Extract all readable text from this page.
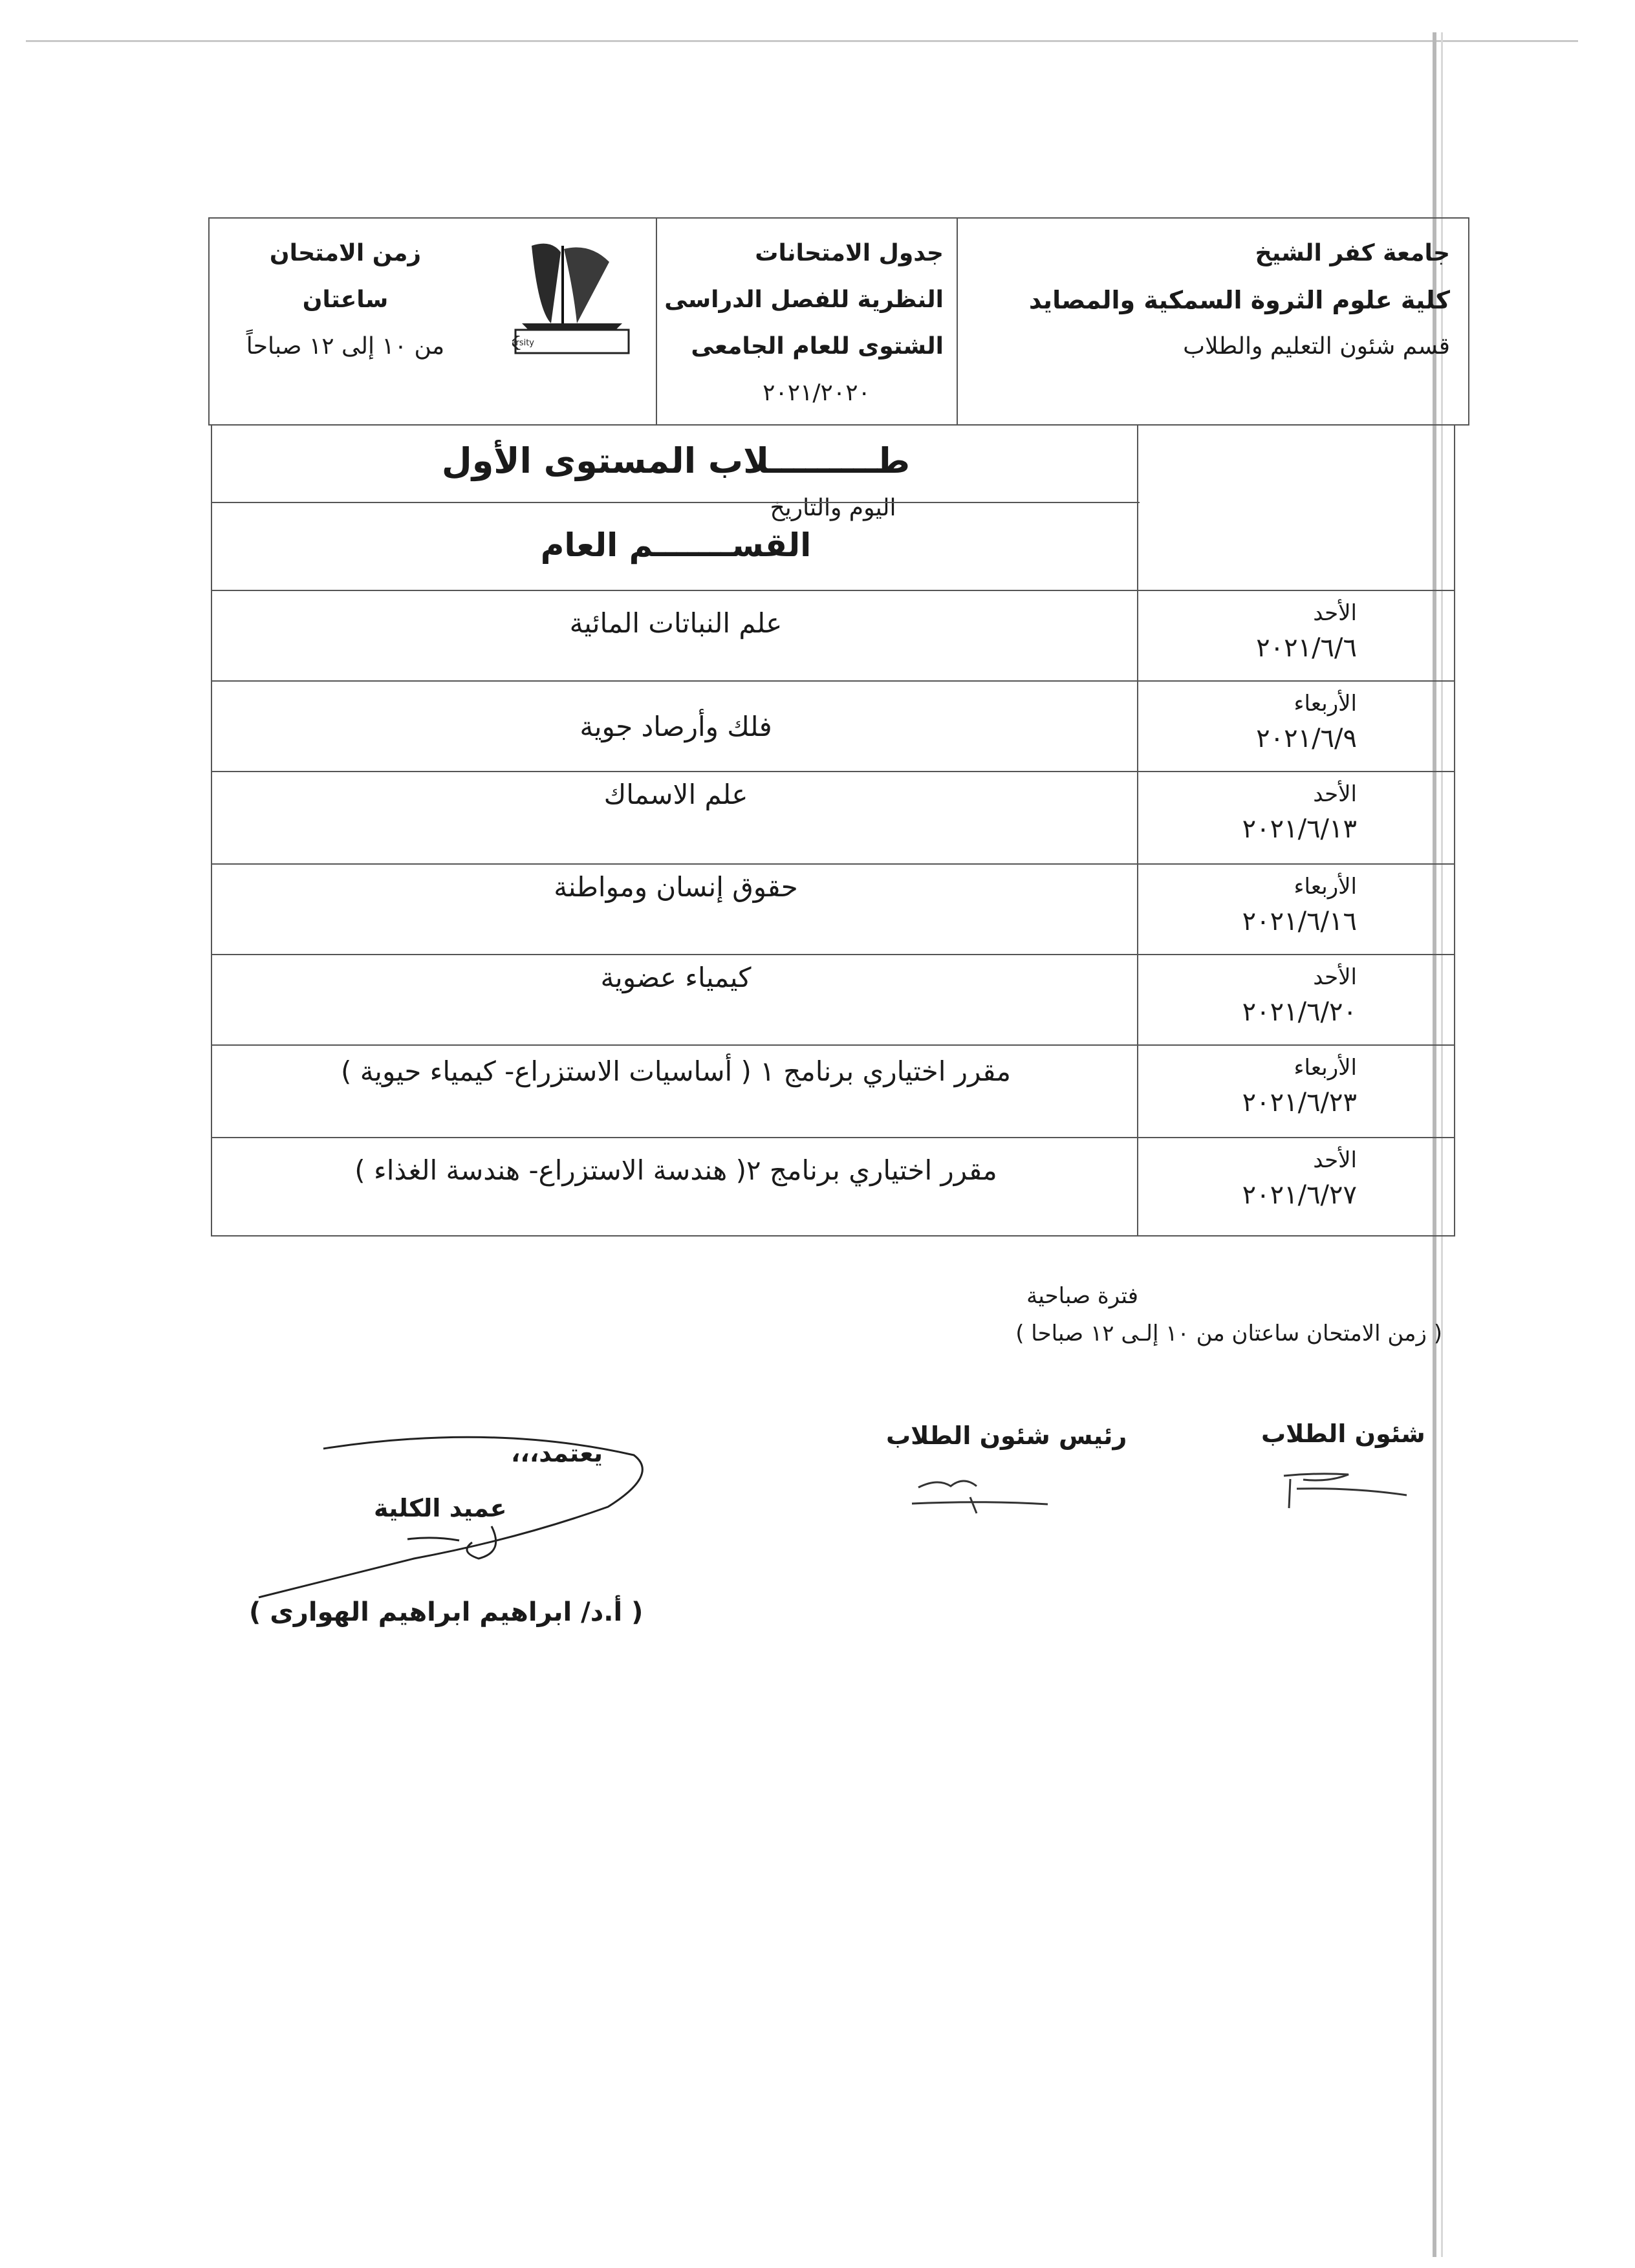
جامعة كفر الشيخ
كلية علوم الثروة السمكية والمصايد
قسم شئون التعليم والطلاب
جدول الامتحانات
النظرية للفصل الدراسى
الشتوى للعام الجامعى
٢٠٢١/٢٠٢٠
K
ersity
زمن الامتحان
ساعتان
من ١٠ إلى ١٢ صباحاً
اليوم والتاريخ
طـــــــــلاب المستوى الأول
القســـــــم العام
الأحد
٢٠٢١/٦/٦
علم النباتات المائية
الأربعاء
٢٠٢١/٦/٩
فلك وأرصاد جوية
الأحد
٢٠٢١/٦/١٣
علم الاسماك
الأربعاء
٢٠٢١/٦/١٦
حقوق إنسان ومواطنة
الأحد
٢٠٢١/٦/٢٠
كيمياء عضوية
الأربعاء
٢٠٢١/٦/٢٣
مقرر اختياري برنامج ١ ( أساسيات الاستزراع- كيمياء حيوية )
الأحد
٢٠٢١/٦/٢٧
مقرر اختياري برنامج ٢( هندسة الاستزراع- هندسة الغذاء )
فترة صباحية
( زمن الامتحان ساعتان من ١٠ إلـى ١٢ صباحا )
شئون الطلاب
رئيس شئون الطلاب
يعتمد،،،
عميد الكلية
( أ.د/ ابراهيم ابراهيم الهوارى )
